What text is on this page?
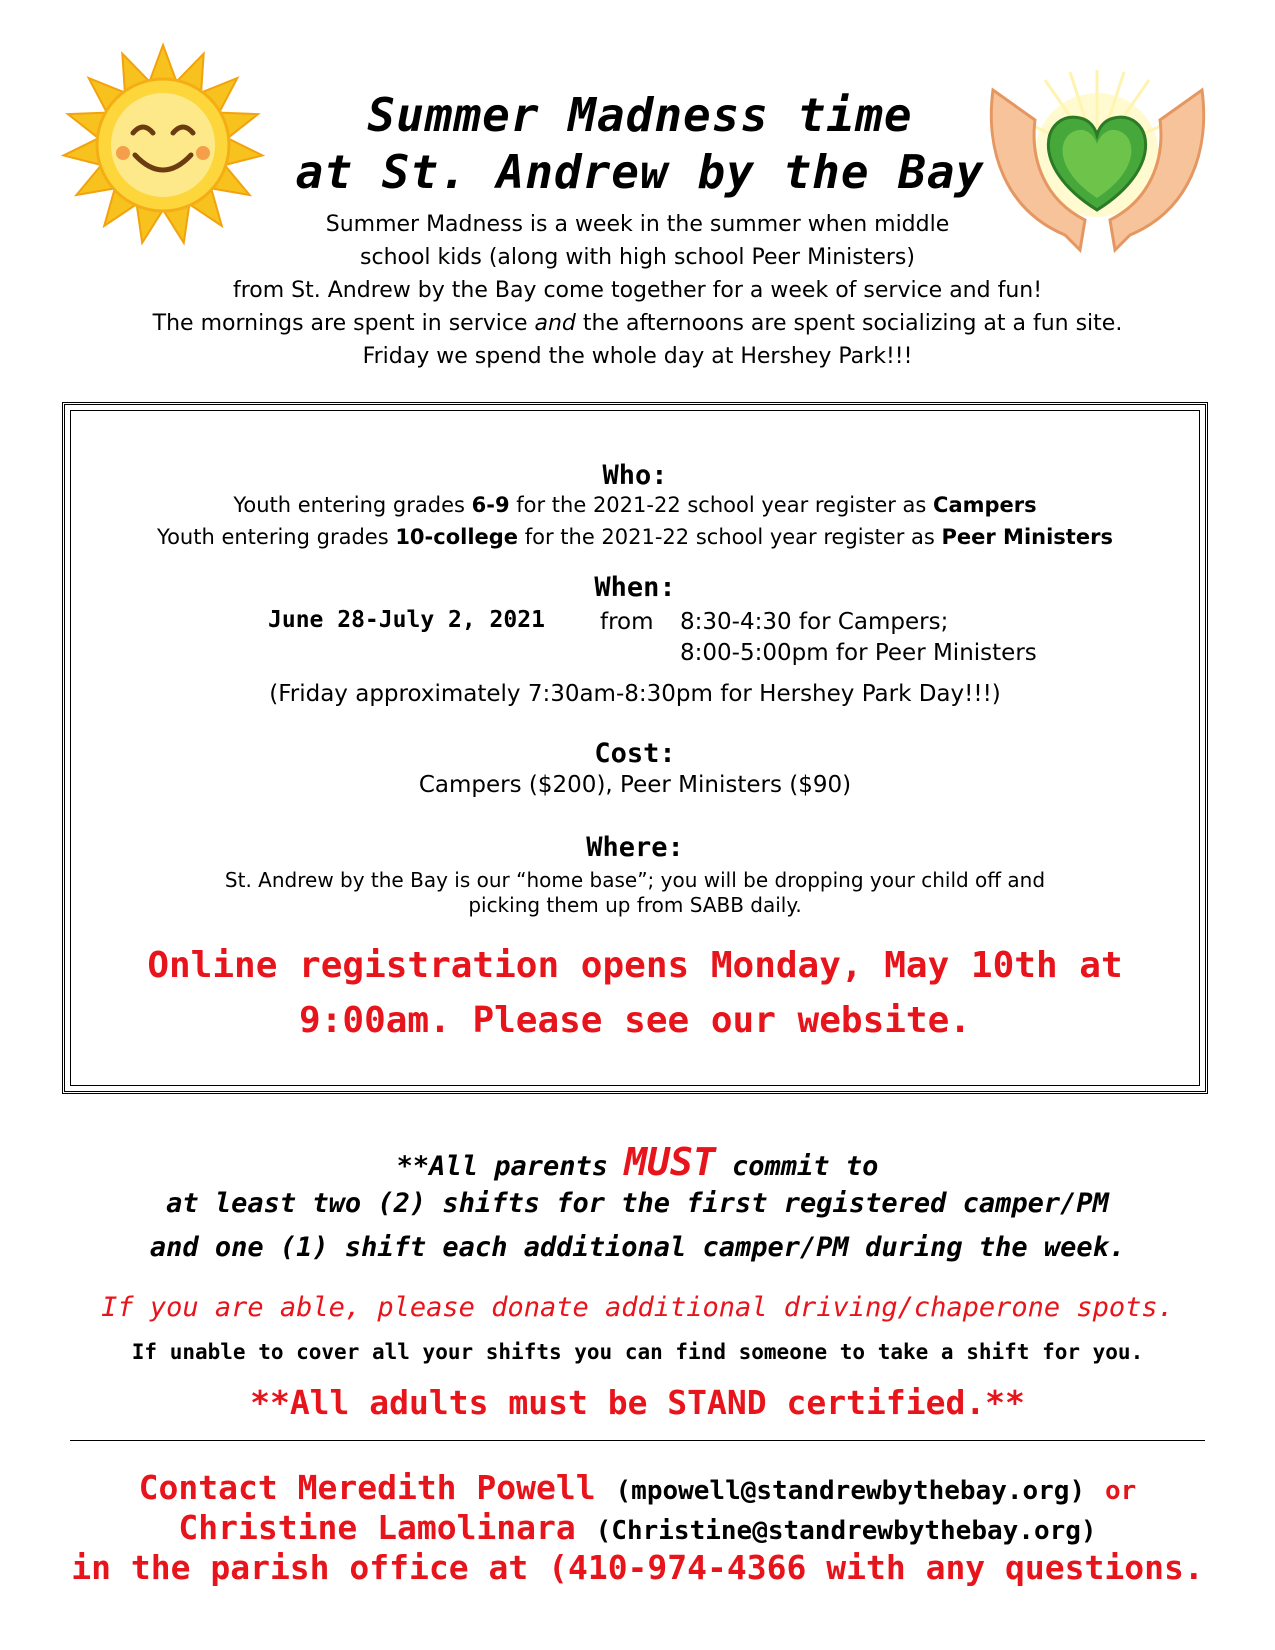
Summer Madness time
at St. Andrew by the Bay
Summer Madness is a week in the summer when middle
school kids (along with high school Peer Ministers)
from St. Andrew by the Bay come together for a week of service and fun!
The mornings are spent in service and the afternoons are spent socializing at a fun site.
Friday we spend the whole day at Hershey Park!!!
Who:
Youth entering grades 6-9 for the 2021-22 school year register as Campers
Youth entering grades 10-college for the 2021-22 school year register as Peer Ministers
When:
June 28-July 2, 2021 from 8:30-4:30 for Campers;
8:00-5:00pm for Peer Ministers
(Friday approximately 7:30am-8:30pm for Hershey Park Day!!!)
Cost:
Campers ($200), Peer Ministers ($90)
Where:
St. Andrew by the Bay is our “home base”; you will be dropping your child off and
picking them up from SABB daily.
Online registration opens Monday, May 10th at
9:00am. Please see our website.
**All parents MUST commit to
at least two (2) shifts for the first registered camper/PM
and one (1) shift each additional camper/PM during the week.
If you are able, please donate additional driving/chaperone spots.
If unable to cover all your shifts you can find someone to take a shift for you.
**All adults must be STAND certified.**
Contact Meredith Powell (mpowell@standrewbythebay.org) or
Christine Lamolinara (Christine@standrewbythebay.org)
in the parish office at (410-974-4366 with any questions.
